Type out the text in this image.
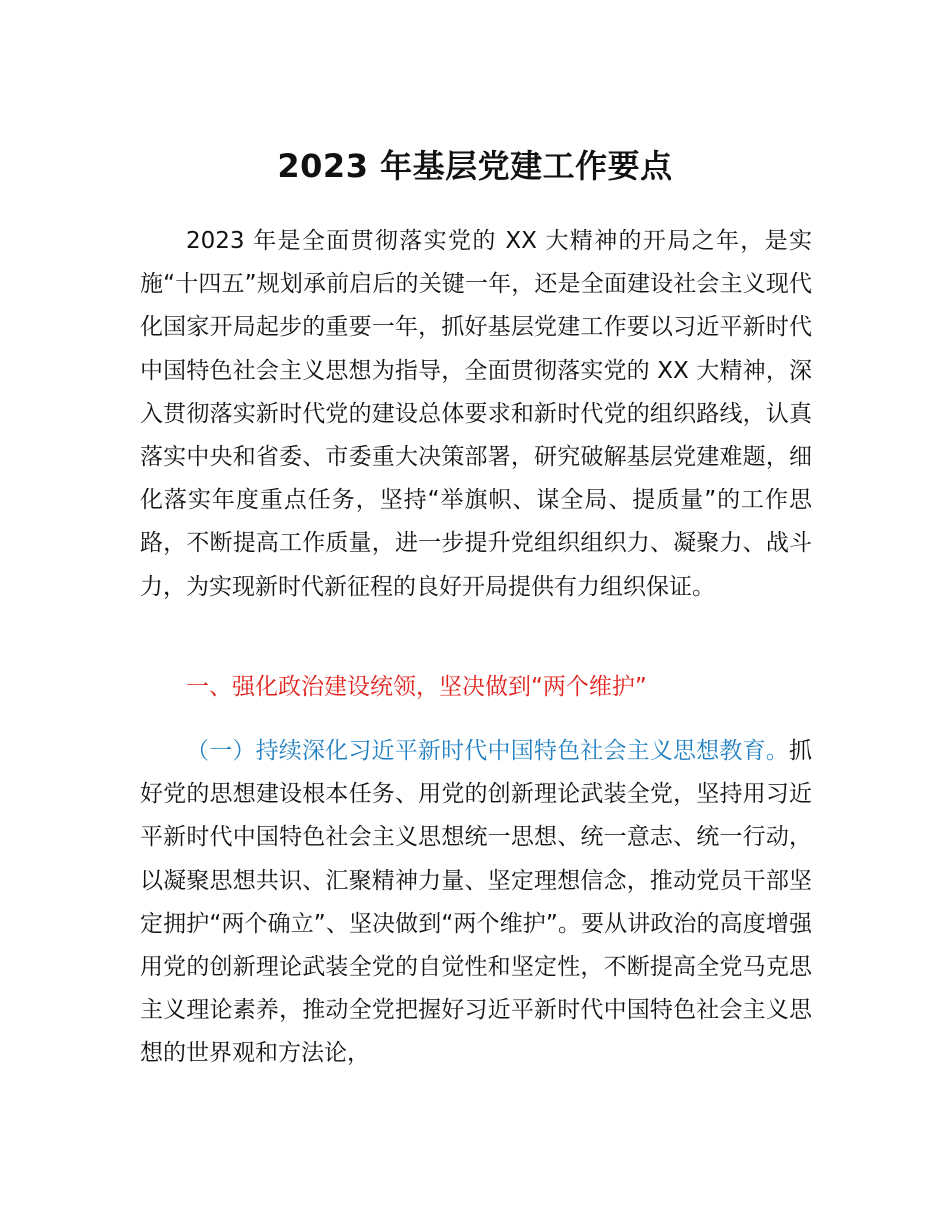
2023 年基层党建工作要点

2023 年是全面贯彻落实党的 XX 大精神的开局之年，是实施“十四五”规划承前启后的关键一年，还是全面建设社会主义现代化国家开局起步的重要一年，抓好基层党建工作要以习近平新时代中国特色社会主义思想为指导，全面贯彻落实党的 XX 大精神，深入贯彻落实新时代党的建设总体要求和新时代党的组织路线，认真落实中央和省委、市委重大决策部署，研究破解基层党建难题，细化落实年度重点任务，坚持“举旗帜、谋全局、提质量”的工作思路，不断提高工作质量，进一步提升党组织组织力、凝聚力、战斗力，为实现新时代新征程的良好开局提供有力组织保证。

一、强化政治建设统领，坚决做到“两个维护”

（一）持续深化习近平新时代中国特色社会主义思想教育。抓好党的思想建设根本任务、用党的创新理论武装全党，坚持用习近平新时代中国特色社会主义思想统一思想、统一意志、统一行动，以凝聚思想共识、汇聚精神力量、坚定理想信念，推动党员干部坚定拥护“两个确立”、坚决做到“两个维护”。要从讲政治的高度增强用党的创新理论武装全党的自觉性和坚定性，不断提高全党马克思主义理论素养，推动全党把握好习近平新时代中国特色社会主义思想的世界观和方法论，
